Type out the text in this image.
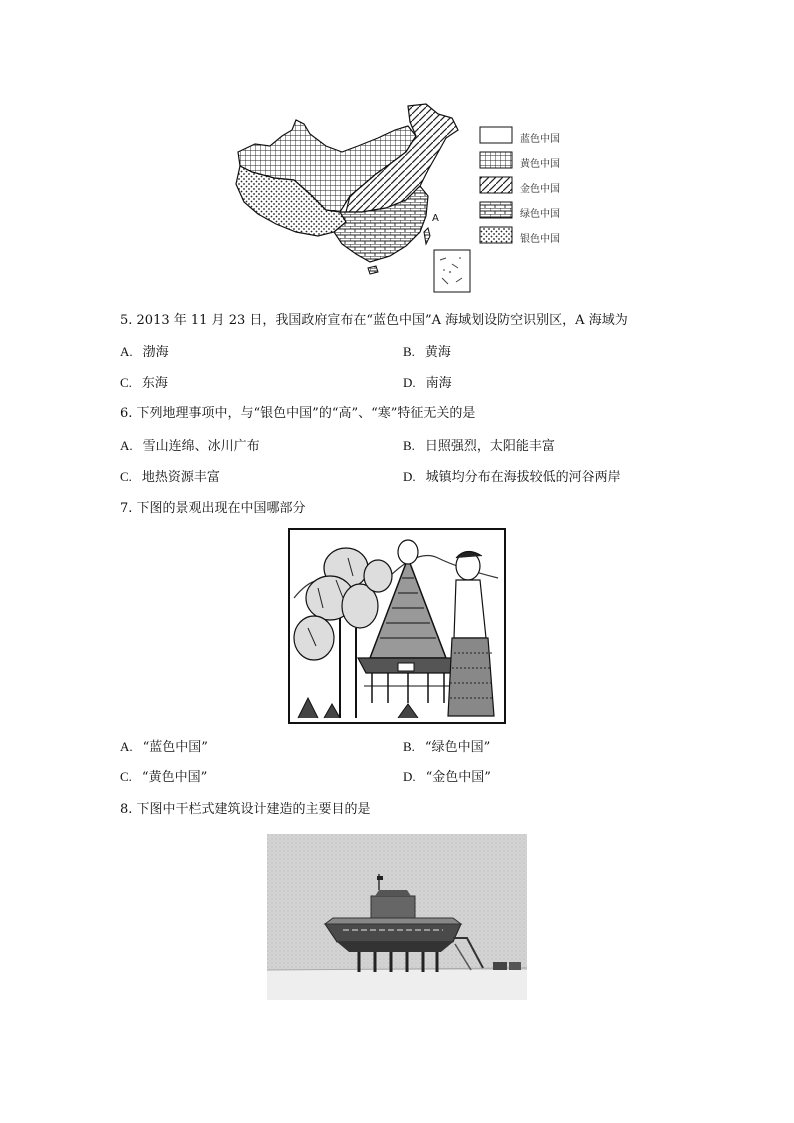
A
蓝色中国
黄色中国
金色中国
绿色中国
银色中国
5. 2013 年 11 月 23 日，我国政府宣布在“蓝色中国”A 海域划设防空识别区，A 海域为
A. 渤海	B. 黄海
C. 东海	D. 南海
6. 下列地理事项中，与“银色中国”的“高”、“寒”特征无关的是
A. 雪山连绵、冰川广布	B. 日照强烈，太阳能丰富
C. 地热资源丰富	D. 城镇均分布在海拔较低的河谷两岸
7. 下图的景观出现在中国哪部分
A. “蓝色中国”	B. “绿色中国”
C. “黄色中国”	D. “金色中国”
8. 下图中干栏式建筑设计建造的主要目的是
